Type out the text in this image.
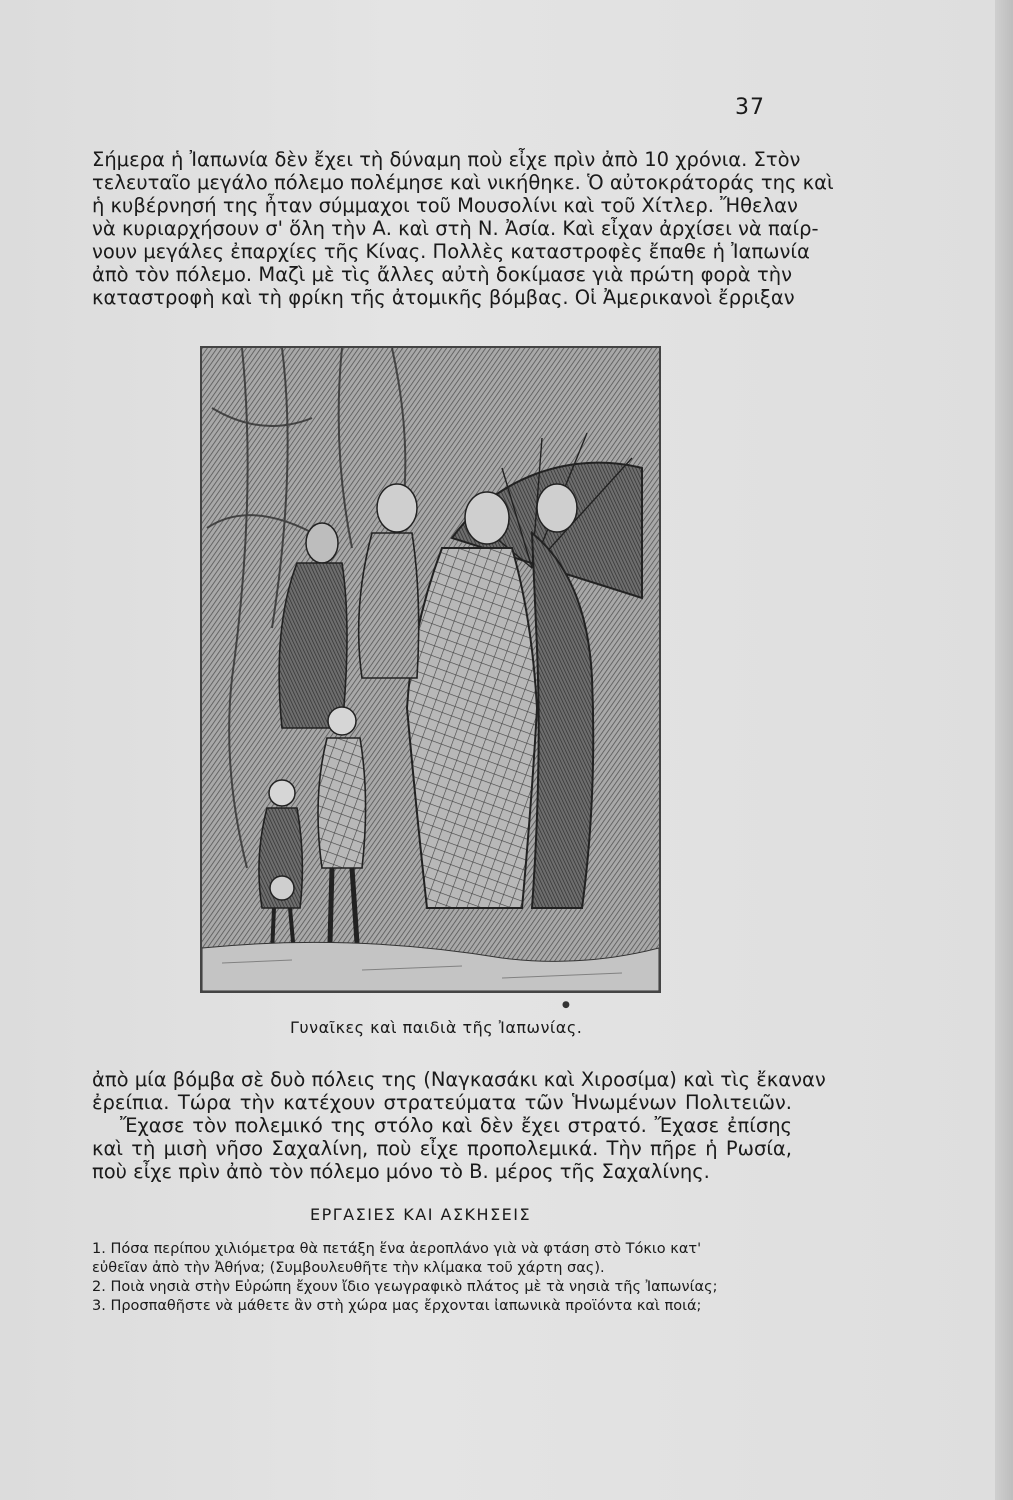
37
Σήμερα ἡ Ἰαπωνία δὲν ἔχει τὴ δύναμη ποὺ εἶχε πρὶν ἀπὸ 10 χρόνια. Στὸν
τελευταῖο μεγάλο πόλεμο πολέμησε καὶ νικήθηκε. Ὁ αὐτοκράτοράς της καὶ
ἡ κυβέρνησή της ἦταν σύμμαχοι τοῦ Μουσολίνι καὶ τοῦ Χίτλερ. Ἤθελαν
νὰ κυριαρχήσουν σ' ὅλη τὴν Α. καὶ στὴ Ν. Ἀσία. Καὶ εἶχαν ἀρχίσει νὰ παίρ-
νουν μεγάλες ἐπαρχίες τῆς Κίνας. Πολλὲς καταστροφὲς ἔπαθε ἡ Ἰαπωνία
ἀπὸ τὸν πόλεμο. Μαζὶ μὲ τὶς ἄλλες αὐτὴ δοκίμασε γιὰ πρώτη φορὰ τὴν
καταστροφὴ καὶ τὴ φρίκη τῆς ἀτομικῆς βόμβας. Οἱ Ἀμερικανοὶ ἔρριξαν
●
Γυναῖκες καὶ παιδιὰ τῆς Ἰαπωνίας.
ἀπὸ μία βόμβα σὲ δυὸ πόλεις της (Ναγκασάκι καὶ Χιροσίμα) καὶ τὶς ἔκαναν
ἐρείπια. Τώρα τὴν κατέχουν στρατεύματα τῶν Ἡνωμένων Πολιτειῶν.
Ἔχασε τὸν πολεμικό της στόλο καὶ δὲν ἔχει στρατό. Ἔχασε ἐπίσης
καὶ τὴ μισὴ νῆσο Σαχαλίνη, ποὺ εἶχε προπολεμικά. Τὴν πῆρε ἡ Ρωσία,
ποὺ εἶχε πρὶν ἀπὸ τὸν πόλεμο μόνο τὸ Β. μέρος τῆς Σαχαλίνης.
ΕΡΓΑΣΙΕΣ ΚΑΙ ΑΣΚΗΣΕΙΣ
1. Πόσα περίπου χιλιόμετρα θὰ πετάξη ἕνα ἀεροπλάνο γιὰ νὰ φτάση στὸ Τόκιο κατ'
εὐθεῖαν ἀπὸ τὴν Ἀθήνα; (Συμβουλευθῆτε τὴν κλίμακα τοῦ χάρτη σας).
2. Ποιὰ νησιὰ στὴν Εὐρώπη ἔχουν ἴδιο γεωγραφικὸ πλάτος μὲ τὰ νησιὰ τῆς Ἰαπωνίας;
3. Προσπαθῆστε νὰ μάθετε ἂν στὴ χώρα μας ἔρχονται ἰαπωνικὰ προϊόντα καὶ ποιά;
